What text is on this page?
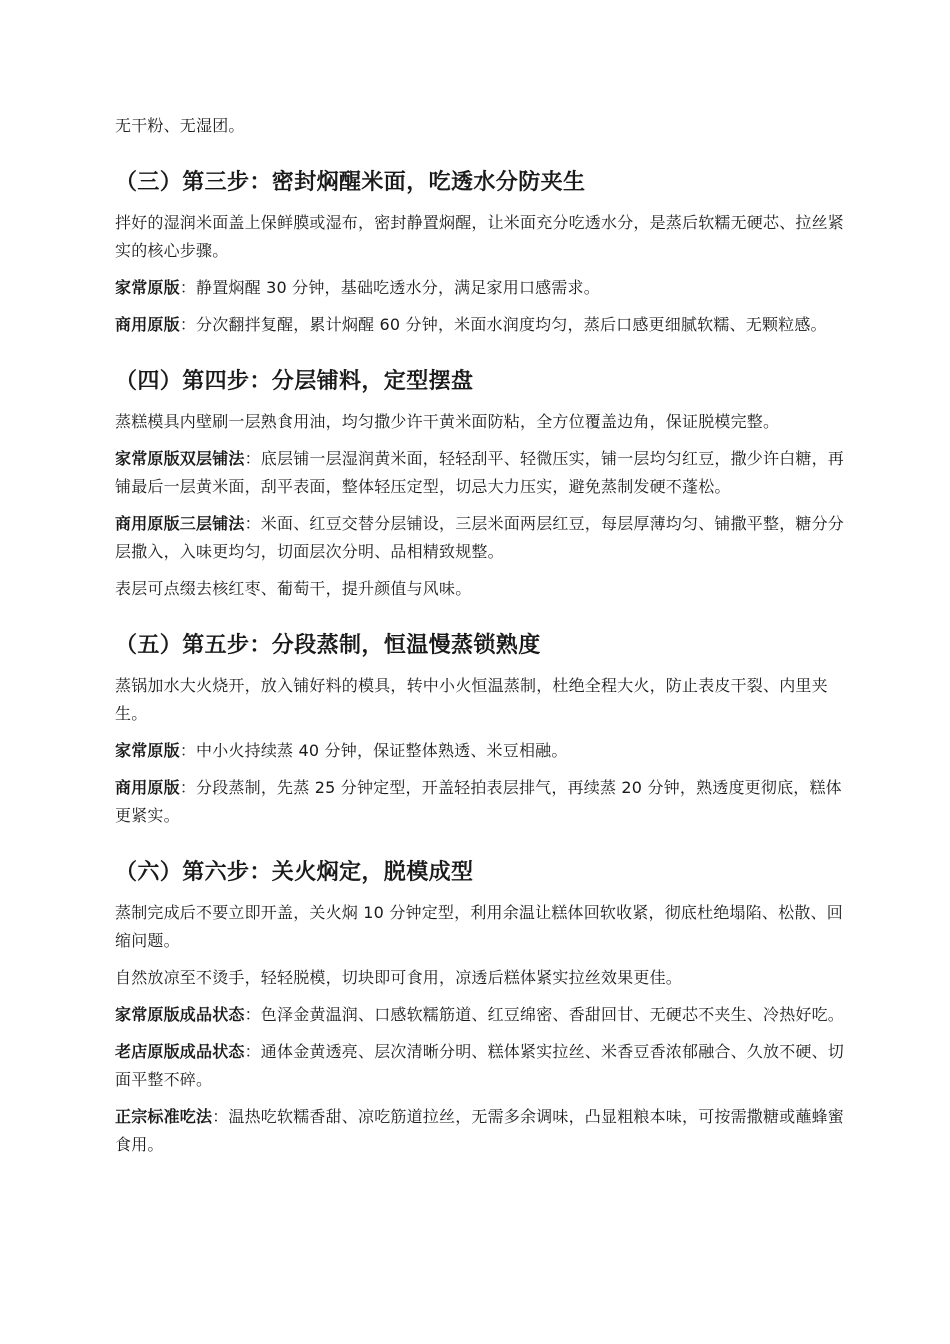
无干粉、无湿团。

（三）第三步：密封焖醒米面，吃透水分防夹生

拌好的湿润米面盖上保鲜膜或湿布，密封静置焖醒，让米面充分吃透水分，是蒸后软糯无硬芯、拉丝紧实的核心步骤。

家常原版：静置焖醒 30 分钟，基础吃透水分，满足家用口感需求。

商用原版：分次翻拌复醒，累计焖醒 60 分钟，米面水润度均匀，蒸后口感更细腻软糯、无颗粒感。

（四）第四步：分层铺料，定型摆盘

蒸糕模具内壁刷一层熟食用油，均匀撒少许干黄米面防粘，全方位覆盖边角，保证脱模完整。

家常原版双层铺法：底层铺一层湿润黄米面，轻轻刮平、轻微压实，铺一层均匀红豆，撒少许白糖，再铺最后一层黄米面，刮平表面，整体轻压定型，切忌大力压实，避免蒸制发硬不蓬松。

商用原版三层铺法：米面、红豆交替分层铺设，三层米面两层红豆，每层厚薄均匀、铺撒平整，糖分分层撒入，入味更均匀，切面层次分明、品相精致规整。

表层可点缀去核红枣、葡萄干，提升颜值与风味。

（五）第五步：分段蒸制，恒温慢蒸锁熟度

蒸锅加水大火烧开，放入铺好料的模具，转中小火恒温蒸制，杜绝全程大火，防止表皮干裂、内里夹生。

家常原版：中小火持续蒸 40 分钟，保证整体熟透、米豆相融。

商用原版：分段蒸制，先蒸 25 分钟定型，开盖轻拍表层排气，再续蒸 20 分钟，熟透度更彻底，糕体更紧实。

（六）第六步：关火焖定，脱模成型

蒸制完成后不要立即开盖，关火焖 10 分钟定型，利用余温让糕体回软收紧，彻底杜绝塌陷、松散、回缩问题。

自然放凉至不烫手，轻轻脱模，切块即可食用，凉透后糕体紧实拉丝效果更佳。

家常原版成品状态：色泽金黄温润、口感软糯筋道、红豆绵密、香甜回甘、无硬芯不夹生、冷热好吃。

老店原版成品状态：通体金黄透亮、层次清晰分明、糕体紧实拉丝、米香豆香浓郁融合、久放不硬、切面平整不碎。

正宗标准吃法：温热吃软糯香甜、凉吃筋道拉丝，无需多余调味，凸显粗粮本味，可按需撒糖或蘸蜂蜜食用。
